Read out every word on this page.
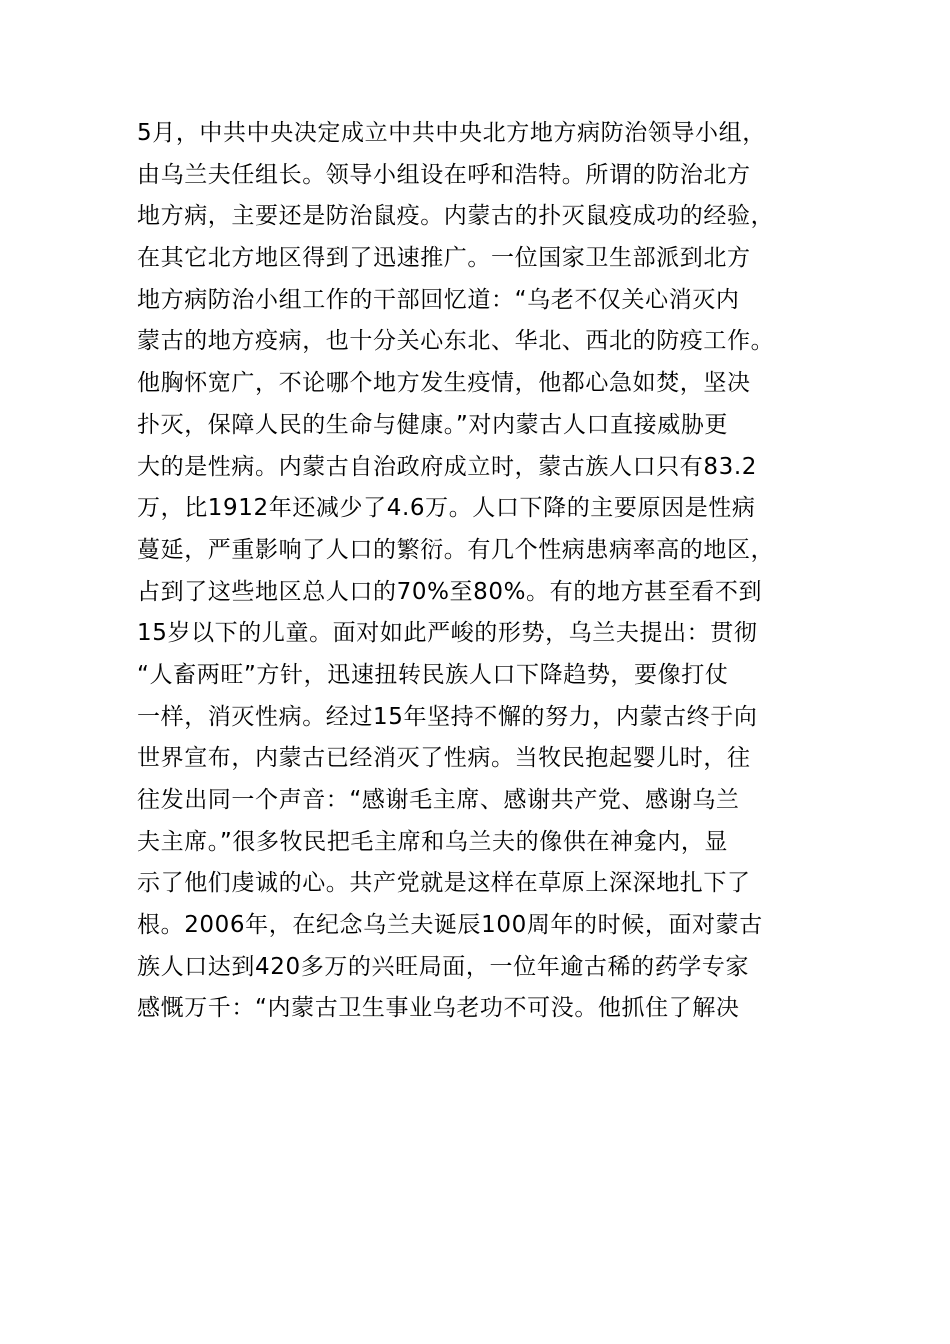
5月，中共中央决定成立中共中央北方地方病防治领导小组，
由乌兰夫任组长。领导小组设在呼和浩特。所谓的防治北方
地方病，主要还是防治鼠疫。内蒙古的扑灭鼠疫成功的经验，
在其它北方地区得到了迅速推广。一位国家卫生部派到北方
地方病防治小组工作的干部回忆道：“乌老不仅关心消灭内
蒙古的地方疫病，也十分关心东北、华北、西北的防疫工作。
他胸怀宽广，不论哪个地方发生疫情，他都心急如焚，坚决
扑灭，保障人民的生命与健康。”对内蒙古人口直接威胁更
大的是性病。内蒙古自治政府成立时，蒙古族人口只有83.2
万，比1912年还减少了4.6万。人口下降的主要原因是性病
蔓延，严重影响了人口的繁衍。有几个性病患病率高的地区，
占到了这些地区总人口的70%至80%。有的地方甚至看不到
15岁以下的儿童。面对如此严峻的形势，乌兰夫提出：贯彻
“人畜两旺”方针，迅速扭转民族人口下降趋势，要像打仗
一样，消灭性病。经过15年坚持不懈的努力，内蒙古终于向
世界宣布，内蒙古已经消灭了性病。当牧民抱起婴儿时，往
往发出同一个声音：“感谢毛主席、感谢共产党、感谢乌兰
夫主席。”很多牧民把毛主席和乌兰夫的像供在神龛内，显
示了他们虔诚的心。共产党就是这样在草原上深深地扎下了
根。2006年，在纪念乌兰夫诞辰100周年的时候，面对蒙古
族人口达到420多万的兴旺局面，一位年逾古稀的药学专家
感慨万千：“内蒙古卫生事业乌老功不可没。他抓住了解决
